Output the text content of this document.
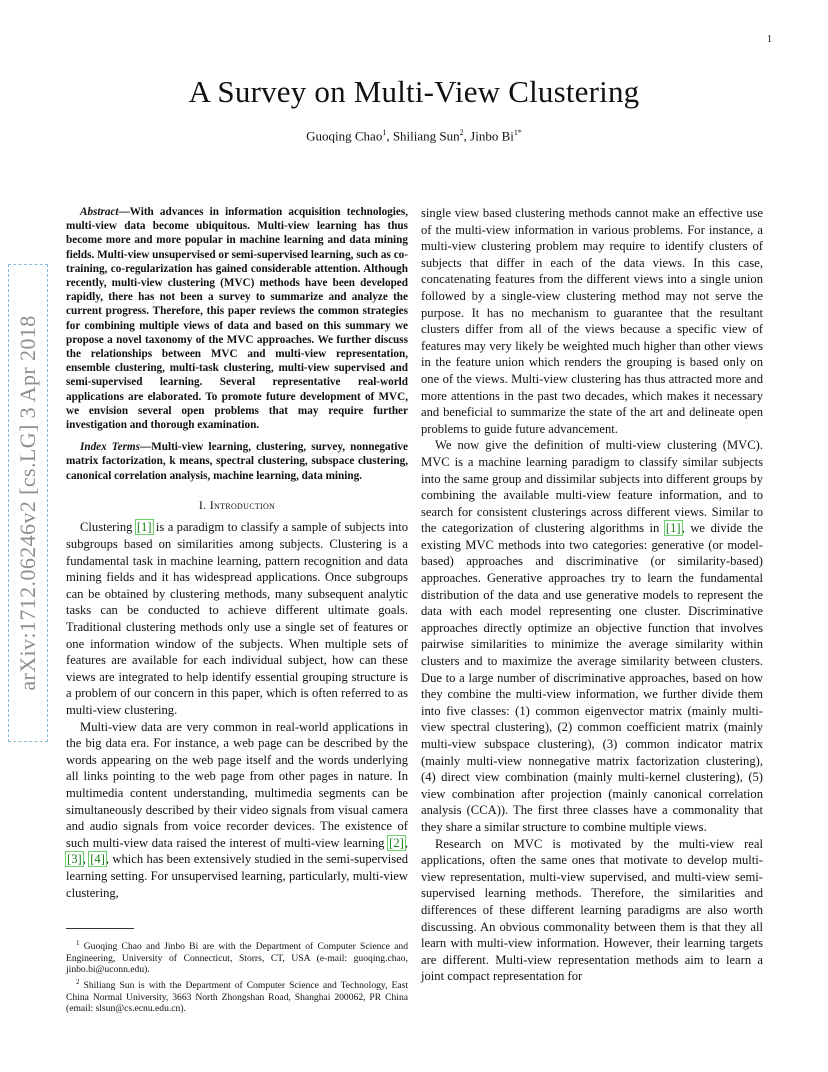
1
A Survey on Multi-View Clustering
Guoqing Chao$^1$, Shiliang Sun$^2$, Jinbo $Bi^{1*}$
arXiv:1712.06246v2 [cs.LG] 3 Apr 2018

Abstract—With advances in information acquisition technologies, multi-view data become ubiquitous. Multi-view learning has thus become more and more popular in machine learning and data mining fields. Multi-view unsupervised or semi-supervised learning, such as co-training, co-regularization has gained considerable attention. Although recently, multi-view clustering (MVC) methods have been developed rapidly, there has not been a survey to summarize and analyze the current progress. Therefore, this paper reviews the common strategies for combining multiple views of data and based on this summary we propose a novel taxonomy of the MVC approaches. We further discuss the relationships between MVC and multi-view representation, ensemble clustering, multi-task clustering, multi-view supervised and semi-supervised learning. Several representative real-world applications are elaborated. To promote future development of MVC, we envision several open problems that may require further investigation and thorough examination.

Index Terms—Multi-view learning, clustering, survey, nonnegative matrix factorization, k means, spectral clustering, subspace clustering, canonical correlation analysis, machine learning, data mining.

I. Introduction

Clustering [1] is a paradigm to classify a sample of subjects into subgroups based on similarities among subjects. Clustering is a fundamental task in machine learning, pattern recognition and data mining fields and it has widespread applications. Once subgroups can be obtained by clustering methods, many subsequent analytic tasks can be conducted to achieve different ultimate goals. Traditional clustering methods only use a single set of features or one information window of the subjects. When multiple sets of features are available for each individual subject, how can these views are integrated to help identify essential grouping structure is a problem of our concern in this paper, which is often referred to as multi-view clustering.

Multi-view data are very common in real-world applications in the big data era. For instance, a web page can be described by the words appearing on the web page itself and the words underlying all links pointing to the web page from other pages in nature. In multimedia content understanding, multimedia segments can be simultaneously described by their video signals from visual camera and audio signals from voice recorder devices. The existence of such multi-view data raised the interest of multi-view learning [2], [3], [4], which has been extensively studied in the semi-supervised learning setting. For unsupervised learning, particularly, multi-view clustering,

$^1$ Guoqing Chao and Jinbo Bi are with the Department of Computer Science and Engineering, University of Connecticut, Storrs, CT, USA (e-mail: guoqing.chao, jinbo.bi@uconn.edu).

$^2$ Shiliang Sun is with the Department of Computer Science and Technology, East China Normal University, 3663 North Zhongshan Road, Shanghai 200062, PR China (email: slsun@cs.ecnu.edu.cn).

single view based clustering methods cannot make an effective use of the multi-view information in various problems. For instance, a multi-view clustering problem may require to identify clusters of subjects that differ in each of the data views. In this case, concatenating features from the different views into a single union followed by a single-view clustering method may not serve the purpose. It has no mechanism to guarantee that the resultant clusters differ from all of the views because a specific view of features may very likely be weighted much higher than other views in the feature union which renders the grouping is based only on one of the views. Multi-view clustering has thus attracted more and more attentions in the past two decades, which makes it necessary and beneficial to summarize the state of the art and delineate open problems to guide future advancement.

We now give the definition of multi-view clustering (MVC). MVC is a machine learning paradigm to classify similar subjects into the same group and dissimilar subjects into different groups by combining the available multi-view feature information, and to search for consistent clusterings across different views. Similar to the categorization of clustering algorithms in [1], we divide the existing MVC methods into two categories: generative (or model-based) approaches and discriminative (or similarity-based) approaches. Generative approaches try to learn the fundamental distribution of the data and use generative models to represent the data with each model representing one cluster. Discriminative approaches directly optimize an objective function that involves pairwise similarities to minimize the average similarity within clusters and to maximize the average similarity between clusters. Due to a large number of discriminative approaches, based on how they combine the multi-view information, we further divide them into five classes: (1) common eigenvector matrix (mainly multi-view spectral clustering), (2) common coefficient matrix (mainly multi-view subspace clustering), (3) common indicator matrix (mainly multi-view nonnegative matrix factorization clustering), (4) direct view combination (mainly multi-kernel clustering), (5) view combination after projection (mainly canonical correlation analysis (CCA)). The first three classes have a commonality that they share a similar structure to combine multiple views.

Research on MVC is motivated by the multi-view real applications, often the same ones that motivate to develop multi-view representation, multi-view supervised, and multi-view semi-supervised learning methods. Therefore, the similarities and differences of these different learning paradigms are also worth discussing. An obvious commonality between them is that they all learn with multi-view information. However, their learning targets are different. Multi-view representation methods aim to learn a joint compact representation for
